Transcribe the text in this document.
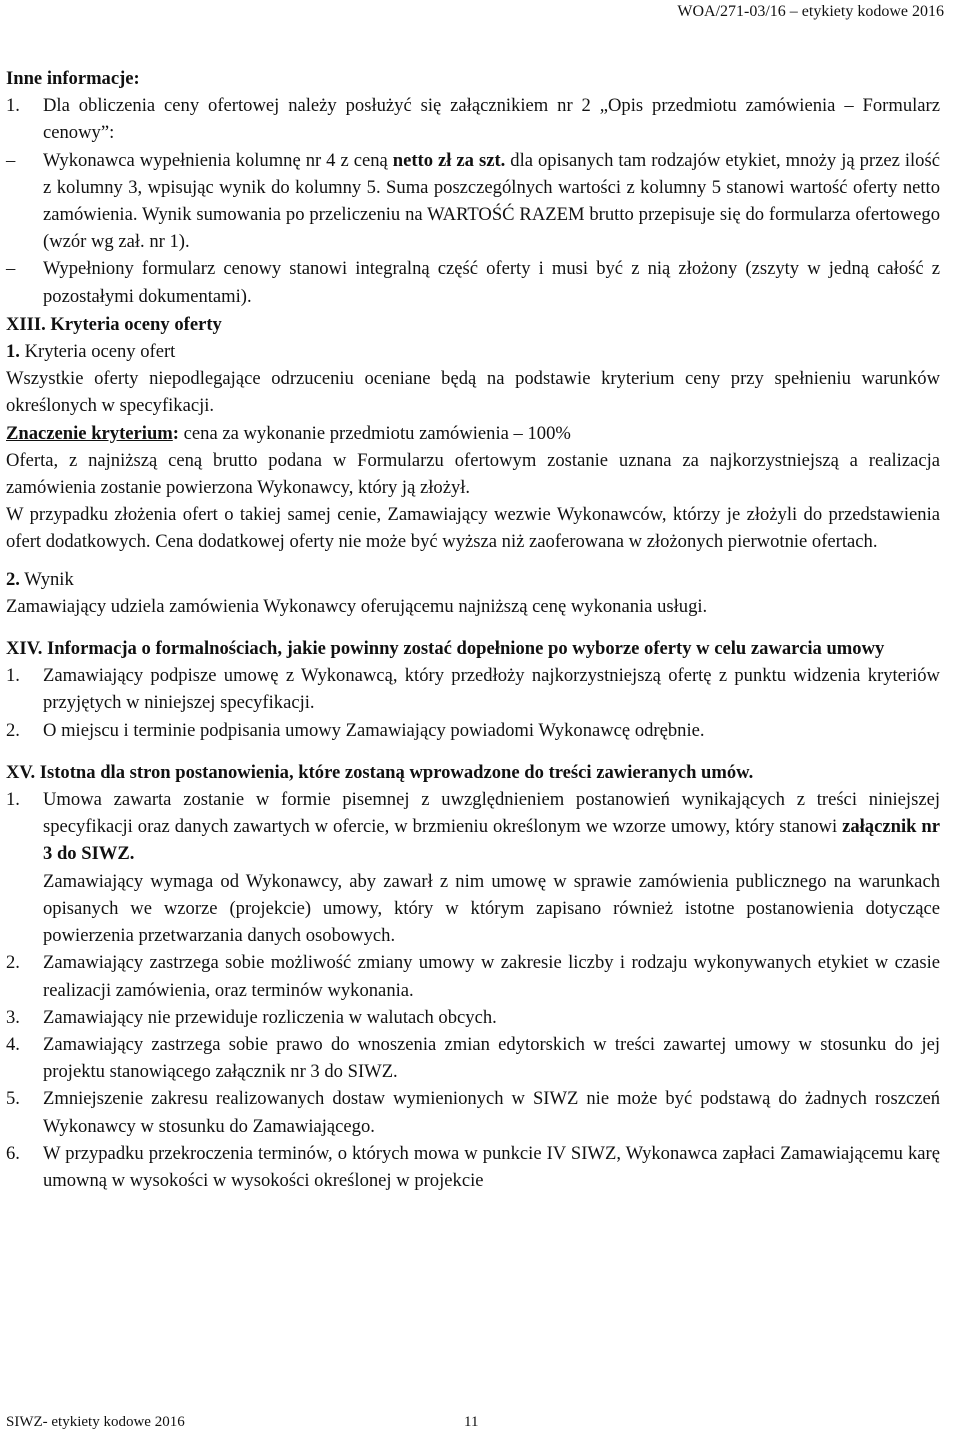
WOA/271-03/16 – etykiety kodowe 2016

Inne informacje:

1.	Dla obliczenia ceny ofertowej należy posłużyć się załącznikiem nr 2 „Opis przedmiotu zamówienia – Formularz cenowy”:
–	Wykonawca wypełnienia kolumnę nr 4 z ceną netto zł za szt. dla opisanych tam rodzajów etykiet, mnoży ją przez ilość z kolumny 3, wpisując wynik do kolumny 5. Suma poszczególnych wartości z kolumny 5 stanowi wartość oferty netto zamówienia. Wynik sumowania po przeliczeniu na WARTOŚĆ RAZEM brutto przepisuje się do formularza ofertowego (wzór wg zał. nr 1).
–	Wypełniony formularz cenowy stanowi integralną część oferty i musi być z nią złożony (zszyty w jedną całość z pozostałymi dokumentami).

XIII. Kryteria oceny oferty

1. Kryteria oceny ofert

Wszystkie oferty niepodlegające odrzuceniu oceniane będą na podstawie kryterium ceny przy spełnieniu warunków określonych w specyfikacji.

Znaczenie kryterium: cena za wykonanie przedmiotu zamówienia – 100%

Oferta, z najniższą ceną brutto podana w Formularzu ofertowym zostanie uznana za najkorzystniejszą a realizacja zamówienia zostanie powierzona Wykonawcy, który ją złożył.

W przypadku złożenia ofert o takiej samej cenie, Zamawiający wezwie Wykonawców, którzy je złożyli do przedstawienia ofert dodatkowych. Cena dodatkowej oferty nie może być wyższa niż zaoferowana w złożonych pierwotnie ofertach.

2. Wynik

Zamawiający udziela zamówienia Wykonawcy oferującemu najniższą cenę wykonania usługi.

XIV. Informacja o formalnościach, jakie powinny zostać dopełnione po wyborze oferty w celu zawarcia umowy

1.	Zamawiający podpisze umowę z Wykonawcą, który przedłoży najkorzystniejszą ofertę z punktu widzenia kryteriów przyjętych w niniejszej specyfikacji.
2.	O miejscu i terminie podpisania umowy Zamawiający powiadomi Wykonawcę odrębnie.

XV. Istotna dla stron postanowienia, które zostaną wprowadzone do treści zawieranych umów.

1.	Umowa zawarta zostanie w formie pisemnej z uwzględnieniem postanowień wynikających z treści niniejszej specyfikacji oraz danych zawartych w ofercie, w brzmieniu określonym we wzorze umowy, który stanowi załącznik nr 3 do SIWZ.
Zamawiający wymaga od Wykonawcy, aby zawarł z nim umowę w sprawie zamówienia publicznego na warunkach opisanych we wzorze (projekcie) umowy, który w którym zapisano również istotne postanowienia dotyczące powierzenia przetwarzania danych osobowych.
2.	Zamawiający zastrzega sobie możliwość zmiany umowy w zakresie liczby i rodzaju wykonywanych etykiet w czasie realizacji zamówienia, oraz terminów wykonania.
3.	Zamawiający nie przewiduje rozliczenia w walutach obcych.
4.	Zamawiający zastrzega sobie prawo do wnoszenia zmian edytorskich w treści zawartej umowy w stosunku do jej projektu stanowiącego załącznik nr 3 do SIWZ.
5.	Zmniejszenie zakresu realizowanych dostaw wymienionych w SIWZ nie może być podstawą do żadnych roszczeń Wykonawcy w stosunku do Zamawiającego.
6.	W przypadku przekroczenia terminów, o których mowa w punkcie IV SIWZ, Wykonawca zapłaci Zamawiającemu karę umowną w wysokości w wysokości określonej w projekcie
SIWZ- etykiety kodowe 2016	11
